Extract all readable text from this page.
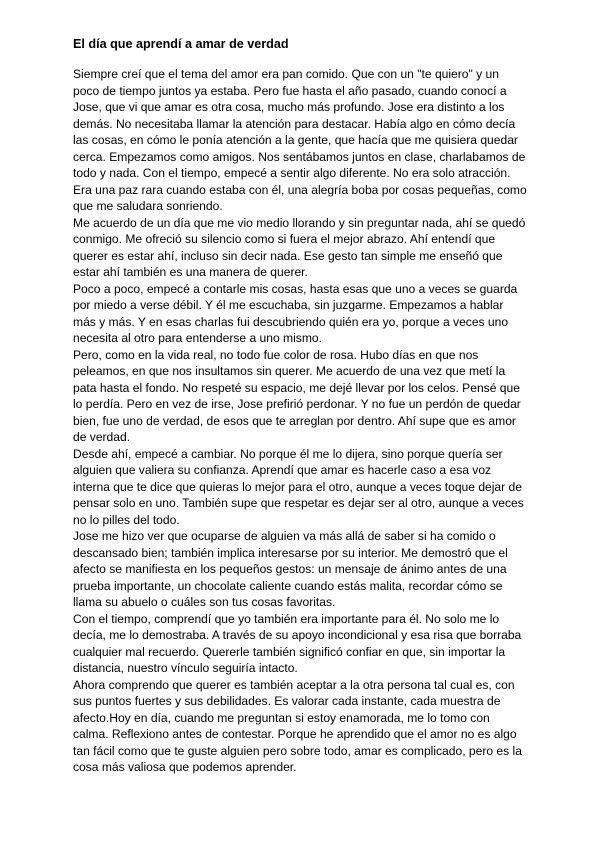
El día que aprendí a amar de verdad

Siempre creí que el tema del amor era pan comido. Que con un "te quiero" y un
poco de tiempo juntos ya estaba. Pero fue hasta el año pasado, cuando conocí a
Jose, que vi que amar es otra cosa, mucho más profundo. Jose era distinto a los
demás. No necesitaba llamar la atención para destacar. Había algo en cómo decía
las cosas, en cómo le ponía atención a la gente, que hacía que me quisiera quedar
cerca. Empezamos como amigos. Nos sentábamos juntos en clase, charlabamos de
todo y nada. Con el tiempo, empecé a sentir algo diferente. No era solo atracción.
Era una paz rara cuando estaba con él, una alegría boba por cosas pequeñas, como
que me saludara sonriendo.

Me acuerdo de un día que me vio medio llorando y sin preguntar nada, ahí se quedó
conmigo. Me ofreció su silencio como si fuera el mejor abrazo. Ahí entendí que
querer es estar ahí, incluso sin decir nada. Ese gesto tan simple me enseñó que
estar ahí también es una manera de querer.

Poco a poco, empecé a contarle mis cosas, hasta esas que uno a veces se guarda
por miedo a verse débil. Y él me escuchaba, sin juzgarme. Empezamos a hablar
más y más. Y en esas charlas fui descubriendo quién era yo, porque a veces uno
necesita al otro para entenderse a uno mismo.

Pero, como en la vida real, no todo fue color de rosa. Hubo días en que nos
peleamos, en que nos insultamos sin querer. Me acuerdo de una vez que metí la
pata hasta el fondo. No respeté su espacio, me dejé llevar por los celos. Pensé que
lo perdía. Pero en vez de irse, Jose prefirió perdonar. Y no fue un perdón de quedar
bien, fue uno de verdad, de esos que te arreglan por dentro. Ahí supe que es amor
de verdad.

Desde ahí, empecé a cambiar. No porque él me lo dijera, sino porque quería ser
alguien que valiera su confianza. Aprendí que amar es hacerle caso a esa voz
interna que te dice que quieras lo mejor para el otro, aunque a veces toque dejar de
pensar solo en uno. También supe que respetar es dejar ser al otro, aunque a veces
no lo pilles del todo.

Jose me hizo ver que ocuparse de alguien va más allá de saber si ha comido o
descansado bien; también implica interesarse por su interior. Me demostró que el
afecto se manifiesta en los pequeños gestos: un mensaje de ánimo antes de una
prueba importante, un chocolate caliente cuando estás malita, recordar cómo se
llama su abuelo o cuáles son tus cosas favoritas.

Con el tiempo, comprendí que yo también era importante para él. No solo me lo
decía, me lo demostraba. A través de su apoyo incondicional y esa risa que borraba
cualquier mal recuerdo. Quererle también significó confiar en que, sin importar la
distancia, nuestro vínculo seguiría intacto.

Ahora comprendo que querer es también aceptar a la otra persona tal cual es, con
sus puntos fuertes y sus debilidades. Es valorar cada instante, cada muestra de
afecto.Hoy en día, cuando me preguntan si estoy enamorada, me lo tomo con
calma. Reflexiono antes de contestar. Porque he aprendido que el amor no es algo
tan fácil como que te guste alguien pero sobre todo, amar es complicado, pero es la
cosa más valiosa que podemos aprender.
